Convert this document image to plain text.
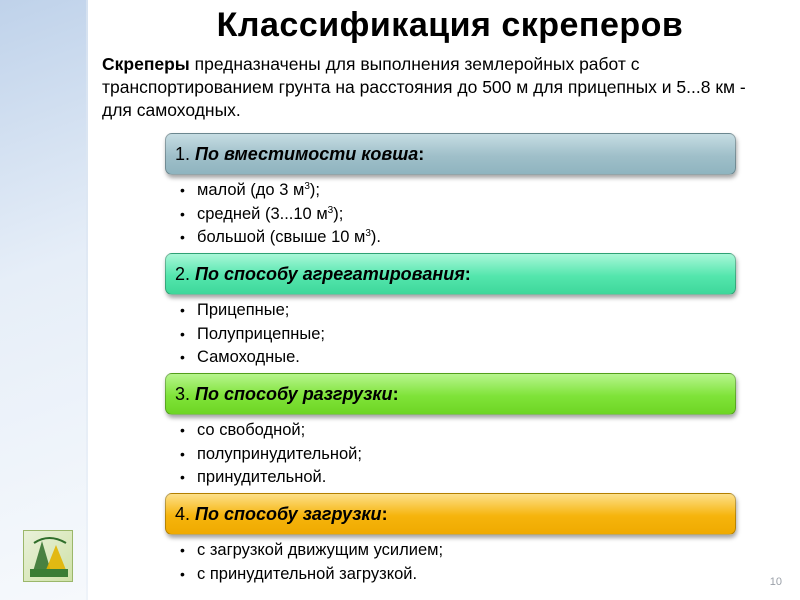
Классификация скреперов

Скреперы предназначены для выполнения землеройных работ с транспортированием грунта на расстояния до 500 м для прицепных и 5...8 км - для самоходных.

1. По вместимости ковша:
• малой (до 3 $м^3$);
• средней (3...10 $м^3$);
• большой (свыше 10 $м^3$).
2. По способу агрегатирования:
• Прицепные;
• Полуприцепные;
• Самоходные.
3. По способу разгрузки:
• со свободной;
• полупринудительной;
• принудительной.
4. По способу загрузки:
• с загрузкой движущим усилием;
• с принудительной загрузкой.	10
